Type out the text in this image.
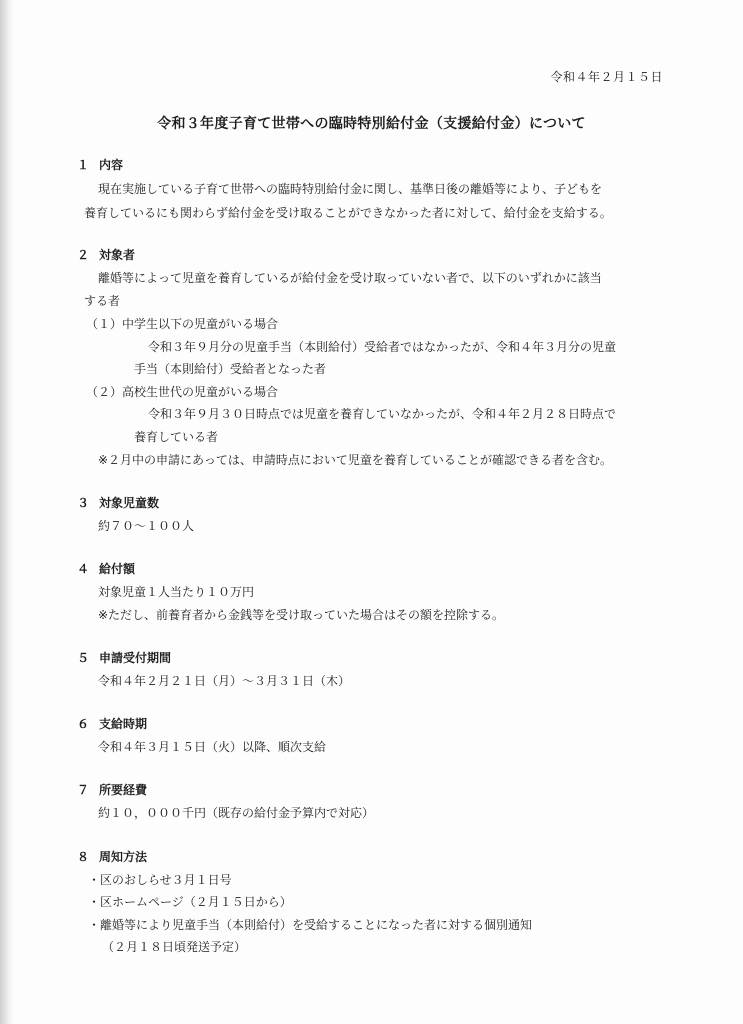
令和４年２月１５日
令和３年度子育て世帯への臨時特別給付金（支援給付金）について
１ 内容
現在実施している子育て世帯への臨時特別給付金に関し、基準日後の離婚等により、子どもを
養育しているにも関わらず給付金を受け取ることができなかった者に対して、給付金を支給する。
２ 対象者
離婚等によって児童を養育しているが給付金を受け取っていない者で、以下のいずれかに該当
する者
（１）中学生以下の児童がいる場合
令和３年９月分の児童手当（本則給付）受給者ではなかったが、令和４年３月分の児童
手当（本則給付）受給者となった者
（２）高校生世代の児童がいる場合
令和３年９月３０日時点では児童を養育していなかったが、令和４年２月２８日時点で
養育している者
※２月中の申請にあっては、申請時点において児童を養育していることが確認できる者を含む。
３ 対象児童数
約７０～１００人
４ 給付額
対象児童１人当たり１０万円
※ただし、前養育者から金銭等を受け取っていた場合はその額を控除する。
５ 申請受付期間
令和４年２月２１日（月）～３月３１日（木）
６ 支給時期
令和４年３月１５日（火）以降、順次支給
７ 所要経費
約１０，０００千円（既存の給付金予算内で対応）
８ 周知方法
・区のおしらせ３月１日号
・区ホームページ（２月１５日から）
・離婚等により児童手当（本則給付）を受給することになった者に対する個別通知
（２月１８日頃発送予定）
